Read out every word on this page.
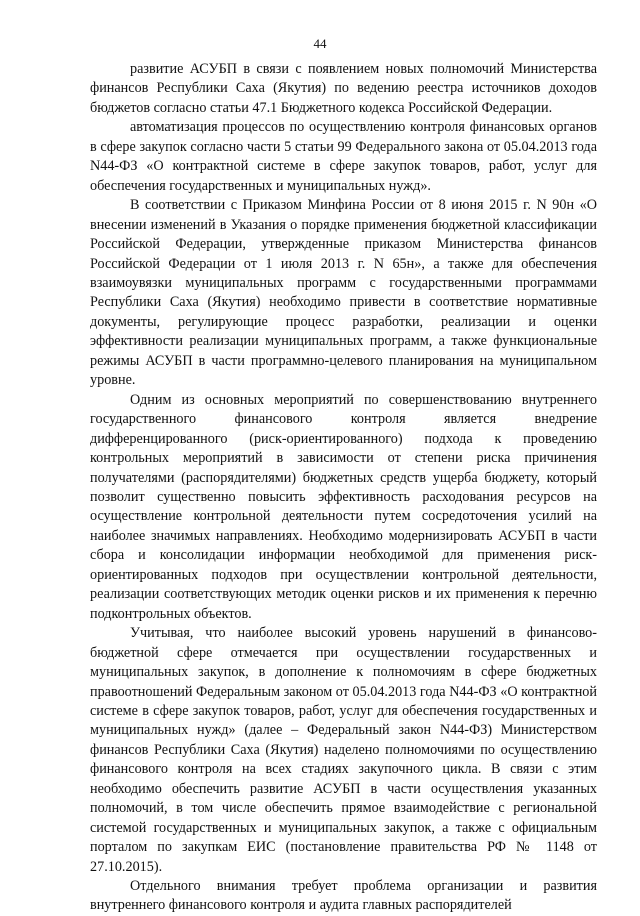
44

развитие АСУБП в связи с появлением новых полномочий Министерства финансов Республики Саха (Якутия) по ведению реестра источников доходов бюджетов согласно статьи 47.1 Бюджетного кодекса Российской Федерации.

автоматизация процессов по осуществлению контроля финансовых органов в сфере закупок согласно части 5 статьи 99 Федерального закона от 05.04.2013 года N44-ФЗ «О контрактной системе в сфере закупок товаров, работ, услуг для обеспечения государственных и муниципальных нужд».

В соответствии с Приказом Минфина России от 8 июня 2015 г. N 90н «О внесении изменений в Указания о порядке применения бюджетной классификации Российской Федерации, утвержденные приказом Министерства финансов Российской Федерации от 1 июля 2013 г. N 65н», а также для обеспечения взаимоувязки муниципальных программ с государственными программами Республики Саха (Якутия) необходимо привести в соответствие нормативные документы, регулирующие процесс разработки, реализации и оценки эффективности реализации муниципальных программ, а также функциональные режимы АСУБП в части программно-целевого планирования на муниципальном уровне.

Одним из основных мероприятий по совершенствованию внутреннего государственного финансового контроля является внедрение дифференцированного (риск-ориентированного) подхода к проведению контрольных мероприятий в зависимости от степени риска причинения получателями (распорядителями) бюджетных средств ущерба бюджету, который позволит существенно повысить эффективность расходования ресурсов на осуществление контрольной деятельности путем сосредоточения усилий на наиболее значимых направлениях. Необходимо модернизировать АСУБП в части сбора и консолидации информации необходимой для применения риск-ориентированных подходов при осуществлении контрольной деятельности, реализации соответствующих методик оценки рисков и их применения к перечню подконтрольных объектов.

Учитывая, что наиболее высокий уровень нарушений в финансово-бюджетной сфере отмечается при осуществлении государственных и муниципальных закупок, в дополнение к полномочиям в сфере бюджетных правоотношений Федеральным законом от 05.04.2013 года N44-ФЗ «О контрактной системе в сфере закупок товаров, работ, услуг для обеспечения государственных и муниципальных нужд» (далее – Федеральный закон N44-ФЗ) Министерством финансов Республики Саха (Якутия) наделено полномочиями по осуществлению финансового контроля на всех стадиях закупочного цикла. В связи с этим необходимо обеспечить развитие АСУБП в части осуществления указанных полномочий, в том числе обеспечить прямое взаимодействие с региональной системой государственных и муниципальных закупок, а также с официальным порталом по закупкам ЕИС (постановление правительства РФ № 1148 от 27.10.2015).

Отдельного внимания требует проблема организации и развития внутреннего финансового контроля и аудита главных распорядителей
